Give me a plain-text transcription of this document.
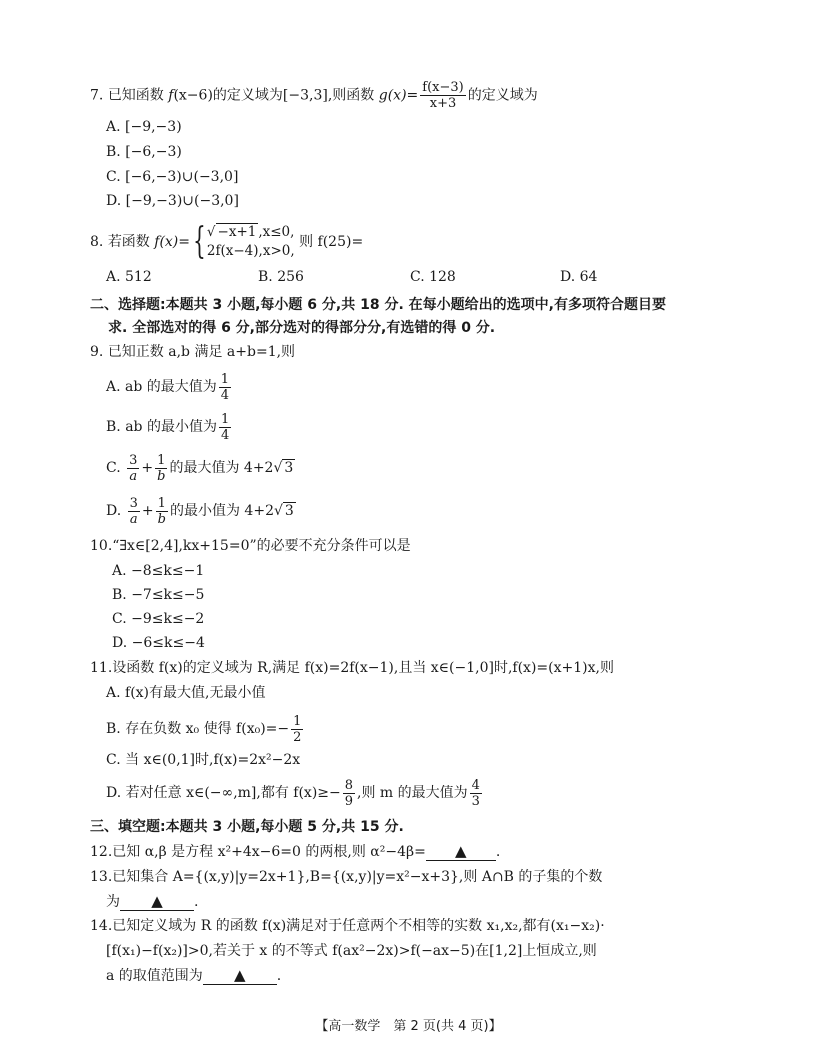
7. 已知函数 f(x−6)的定义域为[−3,3],则函数 $g(x)= \frac{f(x-3)}{x+3}$ 的定义域为
A. [−9,−3)
B. [−6,−3)
C. [−6,−3)∪(−3,0]
D. [−9,−3)∪(−3,0]
8. 若函数 f(x)={ √ −x+1 ,x≤0,
2f(x−4),x>0,
则 f(25)=
A. 512	B. 256	C. 128	D. 64
二、选择题:本题共 3 小题,每小题 6 分,共 18 分. 在每小题给出的选项中,有多项符合题目要
求. 全部选对的得 6 分,部分选对的得部分分,有选错的得 0 分.
9. 已知正数 a,b 满足 a+b=1,则
A. ab 的最大值为 $\frac{1}{4}$
B. ab 的最小值为 $\frac{1}{4}$
C. $\frac{3}{a} + \frac{1}{b}$ 的最大值为 4+2√ 3
D. $\frac{3}{a} + \frac{1}{b}$ 的最小值为 4+2√ 3
10.“∃x∈[2,4],kx+15=0”的必要不充分条件可以是
A. −8≤k≤−1
B. −7≤k≤−5
C. −9≤k≤−2
D. −6≤k≤−4
11.设函数 f(x)的定义域为 R,满足 f(x)=2f(x−1),且当 x∈(−1,0]时,f(x)=(x+1)x,则
A. f(x)有最大值,无最小值
B. 存在负数 x₀ 使得 $f(x_0)=- \frac{1}{2}$
C. 当 x∈(0,1]时,f(x)=2x²−2x
D. 若对任意 x∈(−∞,m],都有 $f(x)\ge- \frac{8}{9}$ ,则 m 的最大值为 $\frac{4}{3}$
三、填空题:本题共 3 小题,每小题 5 分,共 15 分.
12.已知 α,β 是方程 x²+4x−6=0 的两根,则 α²−4β= ▲ .
13.已知集合 A={(x,y)|y=2x+1},B={(x,y)|y=x²−x+3},则 A∩B 的子集的个数
为 ▲ .
14.已知定义域为 R 的函数 f(x)满足对于任意两个不相等的实数 x₁,x₂,都有(x₁−x₂)·
[f(x₁)−f(x₂)]>0,若关于 x 的不等式 f(ax²−2x)>f(−ax−5)在[1,2]上恒成立,则
a 的取值范围为 ▲ .
【高一数学　第 2 页(共 4 页)】
